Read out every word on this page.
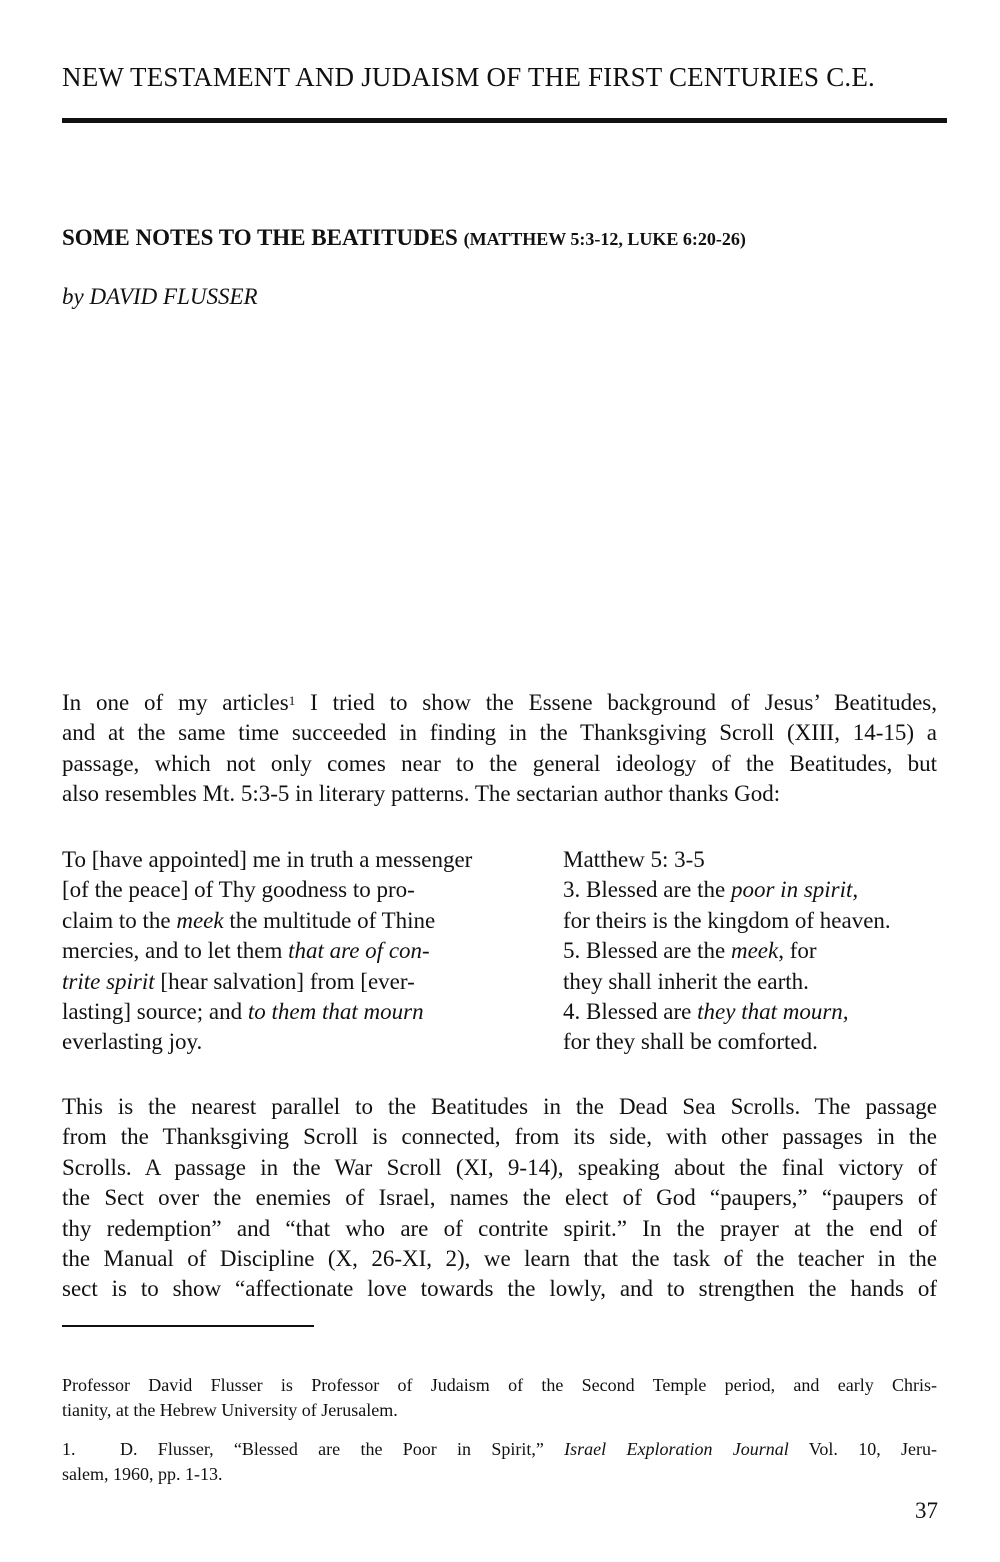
NEW TESTAMENT AND JUDAISM OF THE FIRST CENTURIES C.E.
SOME NOTES TO THE BEATITUDES (MATTHEW 5:3-12, LUKE 6:20-26)
by DAVID FLUSSER
In one of my articles$^1$ I tried to show the Essene background of Jesus’ Beatitudes,
and at the same time succeeded in finding in the Thanksgiving Scroll (XIII, 14-15) a
passage, which not only comes near to the general ideology of the Beatitudes, but
also resembles Mt. 5:3-5 in literary patterns. The sectarian author thanks God:
To [have appointed] me in truth a messenger
[of the peace] of Thy goodness to pro-
claim to the meek the multitude of Thine
mercies, and to let them that are of con-
trite spirit [hear salvation] from [ever-
lasting] source; and to them that mourn
everlasting joy.
Matthew 5: 3-5
3. Blessed are the poor in spirit,
for theirs is the kingdom of heaven.
5. Blessed are the meek, for
they shall inherit the earth.
4. Blessed are they that mourn,
for they shall be comforted.
This is the nearest parallel to the Beatitudes in the Dead Sea Scrolls. The passage
from the Thanksgiving Scroll is connected, from its side, with other passages in the
Scrolls. A passage in the War Scroll (XI, 9-14), speaking about the final victory of
the Sect over the enemies of Israel, names the elect of God “paupers,” “paupers of
thy redemption” and “that who are of contrite spirit.” In the prayer at the end of
the Manual of Discipline (X, 26-XI, 2), we learn that the task of the teacher in the
sect is to show “affectionate love towards the lowly, and to strengthen the hands of
Professor David Flusser is Professor of Judaism of the Second Temple period, and early Chris-
tianity, at the Hebrew University of Jerusalem.
1. D. Flusser, “Blessed are the Poor in Spirit,” Israel Exploration Journal Vol. 10, Jeru-
salem, 1960, pp. 1-13.
37
